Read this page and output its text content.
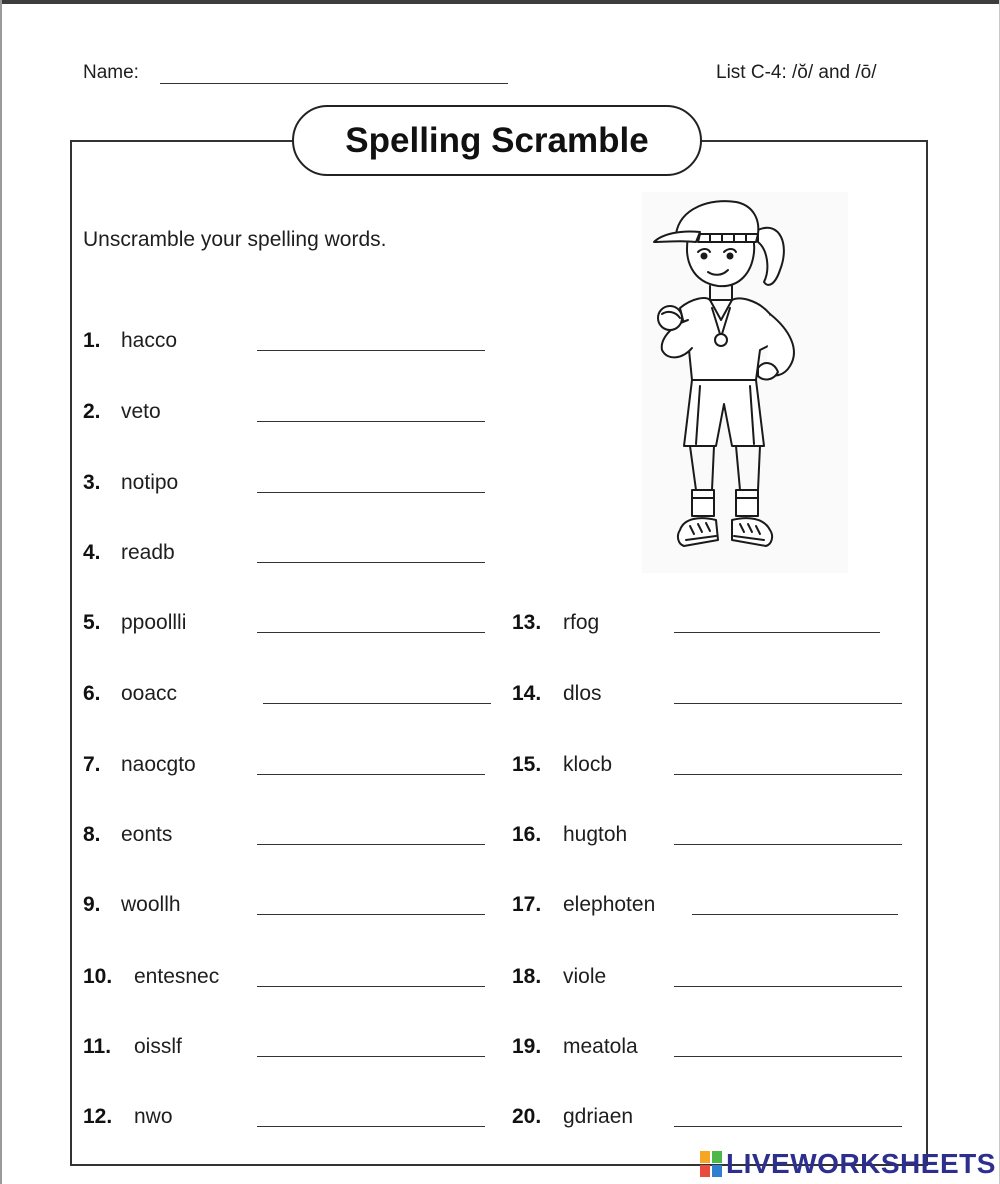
Name:	List C-4: /ŏ/ and /ō/
Spelling Scramble
Unscramble your spelling words.
1. hacco
2. veto
3. notipo
4. readb
5. ppoollli
6. ooacc
7. naocgto
8. eonts
9. woollh
10. entesnec
11. oisslf
12. nwo
13. rfog
14. dlos
15. klocb
16. hugtoh
17. elephoten
18. viole
19. meatola
20. gdriaen
LIVEWORKSHEETS
